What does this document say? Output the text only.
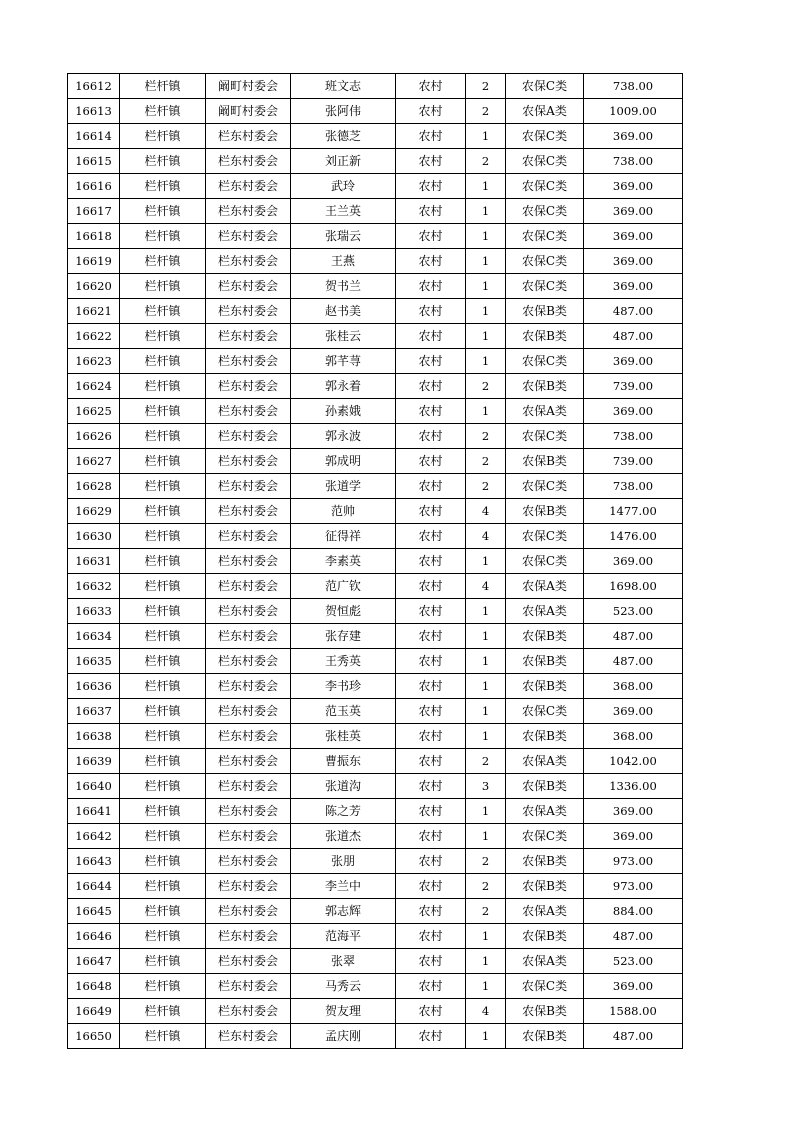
16612	栏杆镇	阚町村委会	班文志	农村	2	农保C类	738.00
16613	栏杆镇	阚町村委会	张阿伟	农村	2	农保A类	1009.00
16614	栏杆镇	栏东村委会	张德芝	农村	1	农保C类	369.00
16615	栏杆镇	栏东村委会	刘正新	农村	2	农保C类	738.00
16616	栏杆镇	栏东村委会	武玲	农村	1	农保C类	369.00
16617	栏杆镇	栏东村委会	王兰英	农村	1	农保C类	369.00
16618	栏杆镇	栏东村委会	张瑞云	农村	1	农保C类	369.00
16619	栏杆镇	栏东村委会	王燕	农村	1	农保C类	369.00
16620	栏杆镇	栏东村委会	贺书兰	农村	1	农保C类	369.00
16621	栏杆镇	栏东村委会	赵书美	农村	1	农保B类	487.00
16622	栏杆镇	栏东村委会	张桂云	农村	1	农保B类	487.00
16623	栏杆镇	栏东村委会	郭芊荨	农村	1	农保C类	369.00
16624	栏杆镇	栏东村委会	郭永着	农村	2	农保B类	739.00
16625	栏杆镇	栏东村委会	孙素娥	农村	1	农保A类	369.00
16626	栏杆镇	栏东村委会	郭永波	农村	2	农保C类	738.00
16627	栏杆镇	栏东村委会	郭成明	农村	2	农保B类	739.00
16628	栏杆镇	栏东村委会	张道学	农村	2	农保C类	738.00
16629	栏杆镇	栏东村委会	范帅	农村	4	农保B类	1477.00
16630	栏杆镇	栏东村委会	征得祥	农村	4	农保C类	1476.00
16631	栏杆镇	栏东村委会	李素英	农村	1	农保C类	369.00
16632	栏杆镇	栏东村委会	范广钦	农村	4	农保A类	1698.00
16633	栏杆镇	栏东村委会	贺恒彪	农村	1	农保A类	523.00
16634	栏杆镇	栏东村委会	张存建	农村	1	农保B类	487.00
16635	栏杆镇	栏东村委会	王秀英	农村	1	农保B类	487.00
16636	栏杆镇	栏东村委会	李书珍	农村	1	农保B类	368.00
16637	栏杆镇	栏东村委会	范玉英	农村	1	农保C类	369.00
16638	栏杆镇	栏东村委会	张桂英	农村	1	农保B类	368.00
16639	栏杆镇	栏东村委会	曹振东	农村	2	农保A类	1042.00
16640	栏杆镇	栏东村委会	张道沟	农村	3	农保B类	1336.00
16641	栏杆镇	栏东村委会	陈之芳	农村	1	农保A类	369.00
16642	栏杆镇	栏东村委会	张道杰	农村	1	农保C类	369.00
16643	栏杆镇	栏东村委会	张朋	农村	2	农保B类	973.00
16644	栏杆镇	栏东村委会	李兰中	农村	2	农保B类	973.00
16645	栏杆镇	栏东村委会	郭志辉	农村	2	农保A类	884.00
16646	栏杆镇	栏东村委会	范海平	农村	1	农保B类	487.00
16647	栏杆镇	栏东村委会	张翠	农村	1	农保A类	523.00
16648	栏杆镇	栏东村委会	马秀云	农村	1	农保C类	369.00
16649	栏杆镇	栏东村委会	贺友理	农村	4	农保B类	1588.00
16650	栏杆镇	栏东村委会	孟庆刚	农村	1	农保B类	487.00
